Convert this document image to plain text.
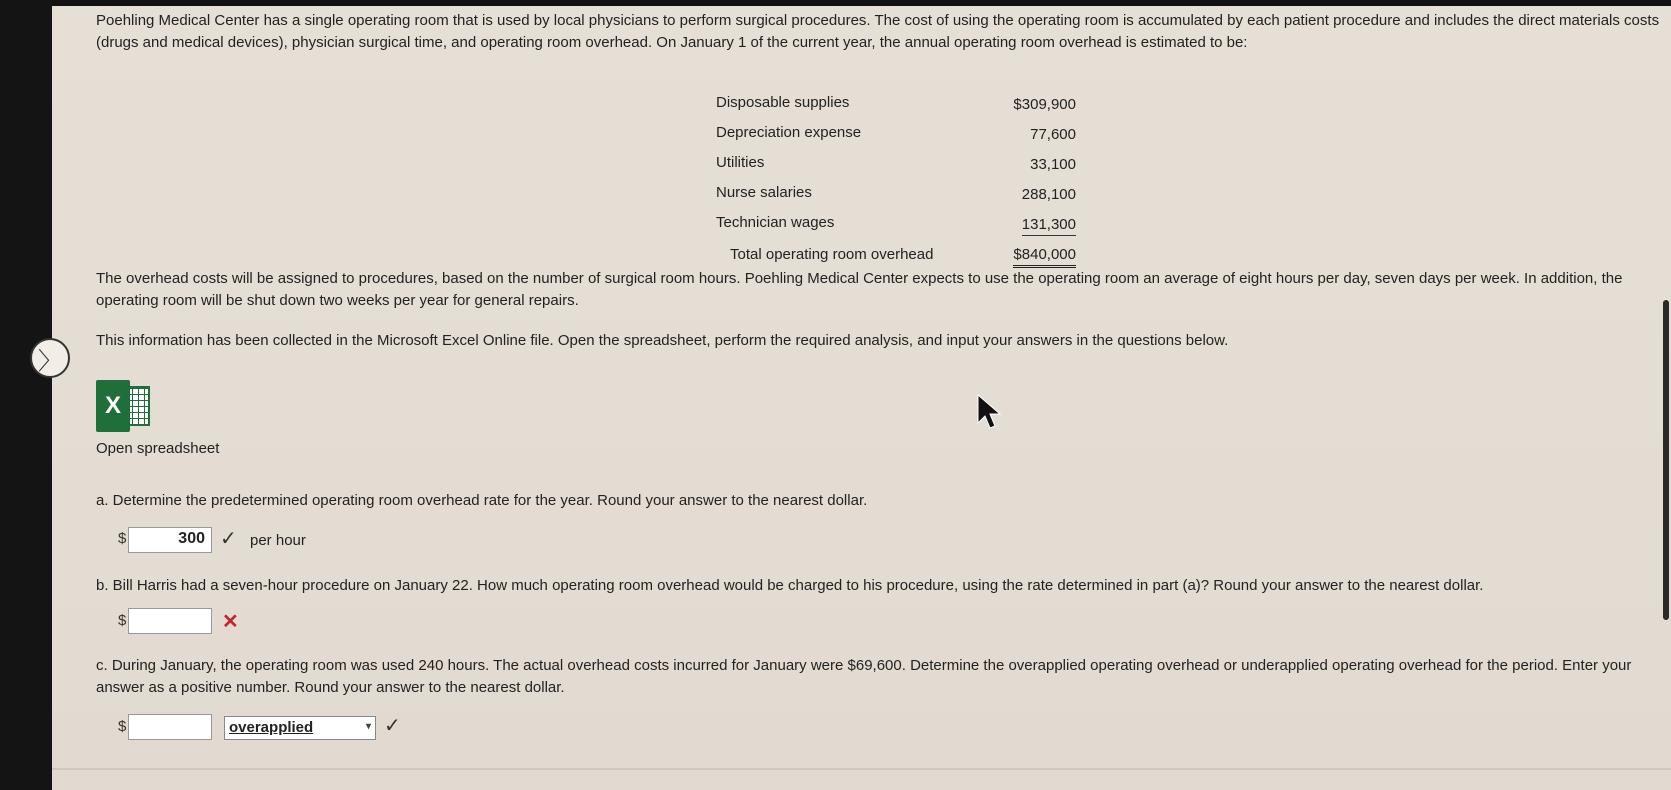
Poehling Medical Center has a single operating room that is used by local physicians to perform surgical procedures. The cost of using the operating room is accumulated by each patient procedure and includes the direct materials costs (drugs and medical devices), physician surgical time, and operating room overhead. On January 1 of the current year, the annual operating room overhead is estimated to be:
Disposable supplies	$309,900
Depreciation expense	77,600
Utilities	33,100
Nurse salaries	288,100
Technician wages	131,300
Total operating room overhead	$840,000
The overhead costs will be assigned to procedures, based on the number of surgical room hours. Poehling Medical Center expects to use the operating room an average of eight hours per day, seven days per week. In addition, the operating room will be shut down two weeks per year for general repairs.
This information has been collected in the Microsoft Excel Online file. Open the spreadsheet, perform the required analysis, and input your answers in the questions below.
〉
X
Open spreadsheet
a. Determine the predetermined operating room overhead rate for the year. Round your answer to the nearest dollar.
$	300 ✓ per hour
b. Bill Harris had a seven-hour procedure on January 22. How much operating room overhead would be charged to his procedure, using the rate determined in part (a)? Round your answer to the nearest dollar.
$	✕
c. During January, the operating room was used 240 hours. The actual overhead costs incurred for January were $69,600. Determine the overapplied operating overhead or underapplied operating overhead for the period. Enter your answer as a positive number. Round your answer to the nearest dollar.
$	overapplied	▾ ✓
